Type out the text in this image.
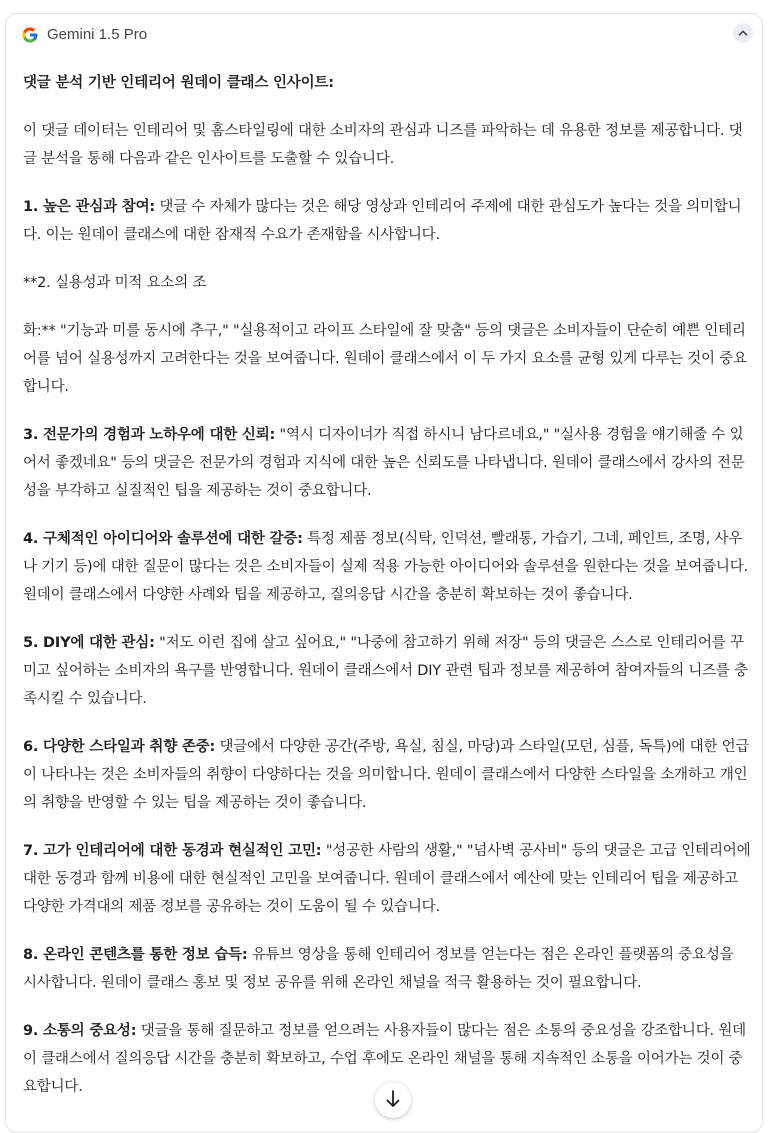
Gemini 1.5 Pro

댓글 분석 기반 인테리어 원데이 클래스 인사이트:

이 댓글 데이터는 인테리어 및 홈스타일링에 대한 소비자의 관심과 니즈를 파악하는 데 유용한 정보를 제공합니다. 댓글 분석을 통해 다음과 같은 인사이트를 도출할 수 있습니다.

1. 높은 관심과 참여: 댓글 수 자체가 많다는 것은 해당 영상과 인테리어 주제에 대한 관심도가 높다는 것을 의미합니다. 이는 원데이 클래스에 대한 잠재적 수요가 존재함을 시사합니다.

**2. 실용성과 미적 요소의 조

화:** "기능과 미를 동시에 추구," "실용적이고 라이프 스타일에 잘 맞춤" 등의 댓글은 소비자들이 단순히 예쁜 인테리어를 넘어 실용성까지 고려한다는 것을 보여줍니다. 원데이 클래스에서 이 두 가지 요소를 균형 있게 다루는 것이 중요합니다.

3. 전문가의 경험과 노하우에 대한 신뢰: "역시 디자이너가 직접 하시니 남다르네요," "실사용 경험을 얘기해줄 수 있어서 좋겠네요" 등의 댓글은 전문가의 경험과 지식에 대한 높은 신뢰도를 나타냅니다. 원데이 클래스에서 강사의 전문성을 부각하고 실질적인 팁을 제공하는 것이 중요합니다.

4. 구체적인 아이디어와 솔루션에 대한 갈증: 특정 제품 정보(식탁, 인덕션, 빨래통, 가습기, 그네, 페인트, 조명, 사우나 기기 등)에 대한 질문이 많다는 것은 소비자들이 실제 적용 가능한 아이디어와 솔루션을 원한다는 것을 보여줍니다. 원데이 클래스에서 다양한 사례와 팁을 제공하고, 질의응답 시간을 충분히 확보하는 것이 좋습니다.

5. DIY에 대한 관심: "저도 이런 집에 살고 싶어요," "나중에 참고하기 위해 저장" 등의 댓글은 스스로 인테리어를 꾸미고 싶어하는 소비자의 욕구를 반영합니다. 원데이 클래스에서 DIY 관련 팁과 정보를 제공하여 참여자들의 니즈를 충족시킬 수 있습니다.

6. 다양한 스타일과 취향 존중: 댓글에서 다양한 공간(주방, 욕실, 침실, 마당)과 스타일(모던, 심플, 독특)에 대한 언급이 나타나는 것은 소비자들의 취향이 다양하다는 것을 의미합니다. 원데이 클래스에서 다양한 스타일을 소개하고 개인의 취향을 반영할 수 있는 팁을 제공하는 것이 좋습니다.

7. 고가 인테리어에 대한 동경과 현실적인 고민: "성공한 사람의 생활," "넘사벽 공사비" 등의 댓글은 고급 인테리어에 대한 동경과 함께 비용에 대한 현실적인 고민을 보여줍니다. 원데이 클래스에서 예산에 맞는 인테리어 팁을 제공하고 다양한 가격대의 제품 정보를 공유하는 것이 도움이 될 수 있습니다.

8. 온라인 콘텐츠를 통한 정보 습득: 유튜브 영상을 통해 인테리어 정보를 얻는다는 점은 온라인 플랫폼의 중요성을 시사합니다. 원데이 클래스 홍보 및 정보 공유를 위해 온라인 채널을 적극 활용하는 것이 필요합니다.

9. 소통의 중요성: 댓글을 통해 질문하고 정보를 얻으려는 사용자들이 많다는 점은 소통의 중요성을 강조합니다. 원데이 클래스에서 질의응답 시간을 충분히 확보하고, 수업 후에도 온라인 채널을 통해 지속적인 소통을 이어가는 것이 중요합니다.
